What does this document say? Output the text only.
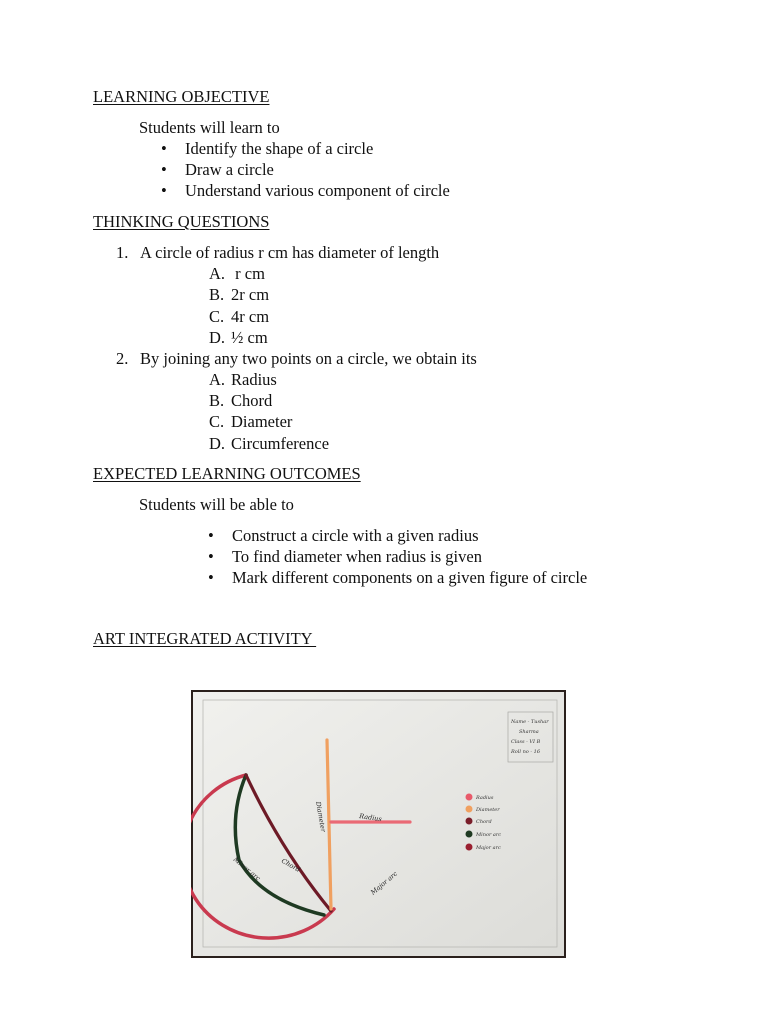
LEARNING OBJECTIVE
Students will learn to
• Identify the shape of a circle
• Draw a circle
• Understand various component of circle
THINKING QUESTIONS
1. A circle of radius r cm has diameter of length
A. r cm
B. 2r cm
C. 4r cm
D. ½ cm
2. By joining any two points on a circle, we obtain its
A. Radius
B. Chord
C. Diameter
D. Circumference
EXPECTED LEARNING OUTCOMES
Students will be able to
• Construct a circle with a given radius
• To find diameter when radius is given
• Mark different components on a given figure of circle
ART INTEGRATED ACTIVITY
Name - Tushar
Sharma
Class - VI B
Roll no - 16
Diameter	Radius
Chord
Minor arc
Major arc
Radius
Diameter
Chord
Minor arc
Major arc
